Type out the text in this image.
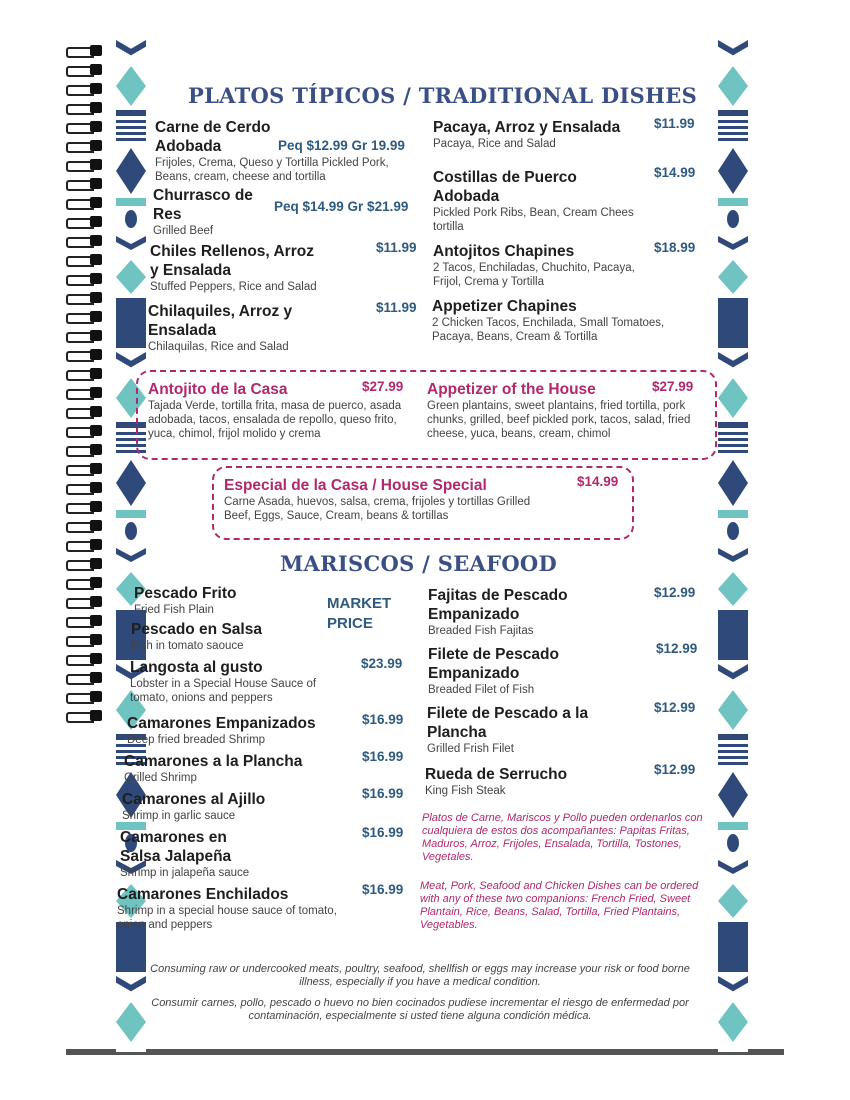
PLATOS TÍPICOS / TRADITIONAL DISHES
Carne de Cerdo Adobada
Frijoles, Crema, Queso y Tortilla Pickled Pork, Beans, cream, cheese and tortilla
Peq $12.99 Gr 19.99
Churrasco de Res
Grilled Beef
Peq $14.99 Gr $21.99
Chiles Rellenos, Arroz y Ensalada
Stuffed Peppers, Rice and Salad
$11.99
Chilaquiles, Arroz y Ensalada
Chilaquilas, Rice and Salad
$11.99
Pacaya, Arroz y Ensalada
Pacaya, Rice and Salad
$11.99
Costillas de Puerco Adobada
Pickled Pork Ribs, Bean, Cream Chees tortilla
$14.99
Antojitos Chapines
2 Tacos, Enchiladas, Chuchito, Pacaya, Frijol, Crema y Tortilla
$18.99
Appetizer Chapines
2 Chicken Tacos, Enchilada, Small Tomatoes, Pacaya, Beans, Cream & Tortilla
Antojito de la Casa
Tajada Verde, tortilla frita, masa de puerco, asada adobada, tacos, ensalada de repollo, queso frito, yuca, chimol, frijol molido y crema
$27.99 Appetizer of the House
Green plantains, sweet plantains, fried tortilla, pork chunks, grilled, beef pickled pork, tacos, salad, fried cheese, yuca, beans, cream, chimol
$27.99
Especial de la Casa / House Special
Carne Asada, huevos, salsa, crema, frijoles y tortillas Grilled Beef, Eggs, Sauce, Cream, beans & tortillas
$14.99
MARISCOS / SEAFOOD
MARKET PRICE
Pescado Frito
Fried Fish Plain
Pescado en Salsa
Fish in tomato saouce
Langosta al gusto
Lobster in a Special House Sauce of tomato, onions and peppers
$23.99
Camarones Empanizados
Deep fried breaded Shrimp
$16.99
Camarones a la Plancha
Grilled Shrimp
$16.99
Camarones al Ajillo
Shrimp in garlic sauce
$16.99
Camarones en Salsa Jalapeña
Shrimp in jalapeña sauce
$16.99
Camarones Enchilados
Shrimp in a special house sauce of tomato, onion and peppers
$16.99
Fajitas de Pescado Empanizado
Breaded Fish Fajitas
$12.99
Filete de Pescado Empanizado
Breaded Filet of Fish
$12.99
Filete de Pescado a la Plancha
Grilled Frish Filet
$12.99
Rueda de Serrucho
King Fish Steak
$12.99
Platos de Carne, Mariscos y Pollo pueden ordenarlos con cualquiera de estos dos acompañantes: Papitas Fritas, Maduros, Arroz, Frijoles, Ensalada, Tortilla, Tostones, Vegetales.
Meat, Pork, Seafood and Chicken Dishes can be ordered with any of these two companions: French Fried, Sweet Plantain, Rice, Beans, Salad, Tortilla, Fried Plantains, Vegetables.
Consuming raw or undercooked meats, poultry, seafood, shellfish or eggs may increase your risk or food borne illness, especially if you have a medical condition.
Consumir carnes, pollo, pescado o huevo no bien cocinados pudiese incrementar el riesgo de enfermedad por contaminación, especialmente si usted tiene alguna condición médica.
